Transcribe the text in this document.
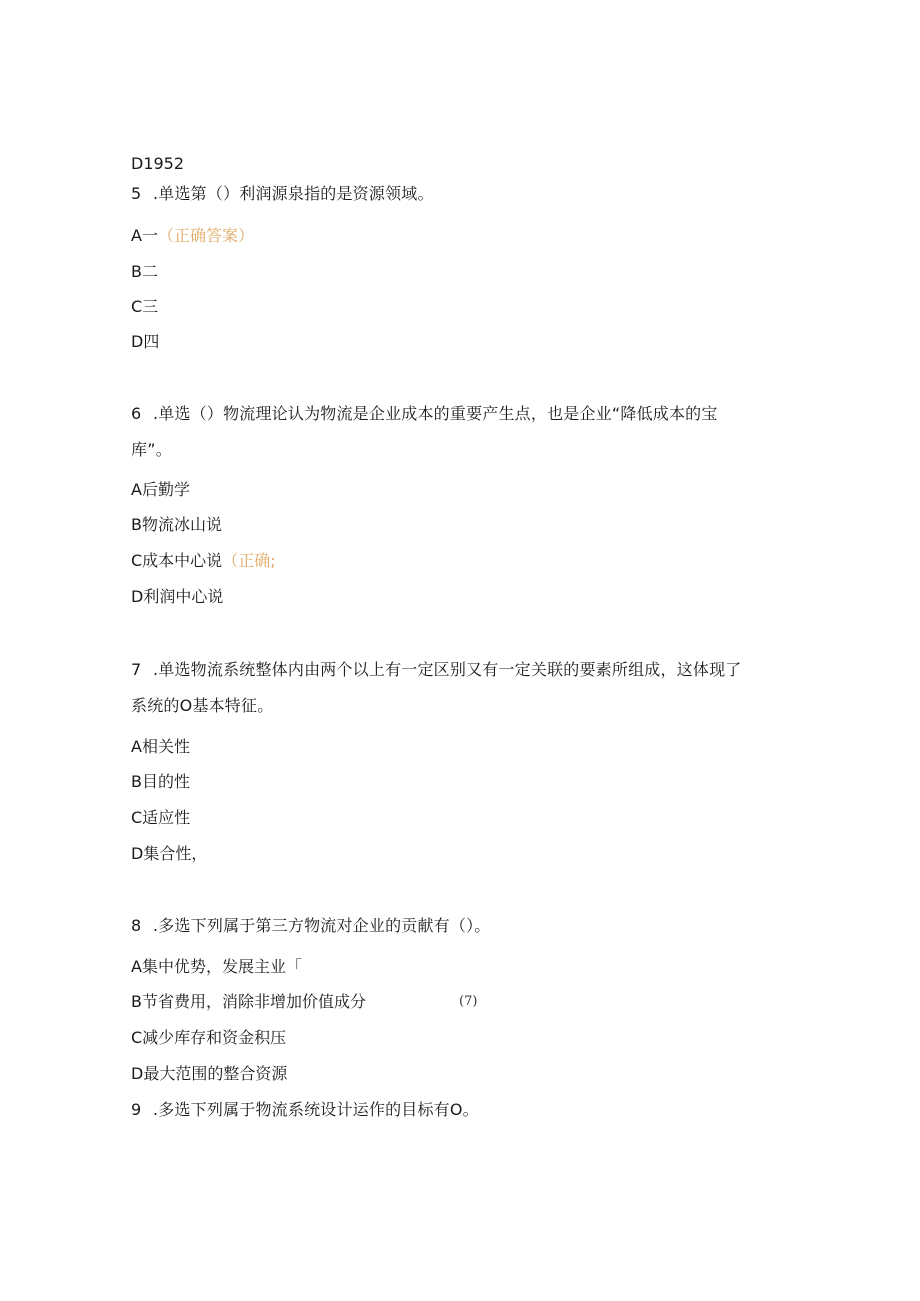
D1952
5 .单选第（）利润源泉指的是资源领域。
A一（正确答案）
B二
C三
D四
6 .单选（）物流理论认为物流是企业成本的重要产生点，也是企业“降低成本的宝
库”。
A后勤学
B物流冰山说
C成本中心说（正确;
D利润中心说
7 .单选物流系统整体内由两个以上有一定区别又有一定关联的要素所组成，这体现了
系统的O基本特征。
A相关性
B目的性
C适应性
D集合性，
8 .多选下列属于第三方物流对企业的贡献有（）。
A集中优势，发展主业「
B节省费用，消除非增加价值成分	(7)
C减少库存和资金积压
D最大范围的整合资源
9 .多选下列属于物流系统设计运作的目标有O。
